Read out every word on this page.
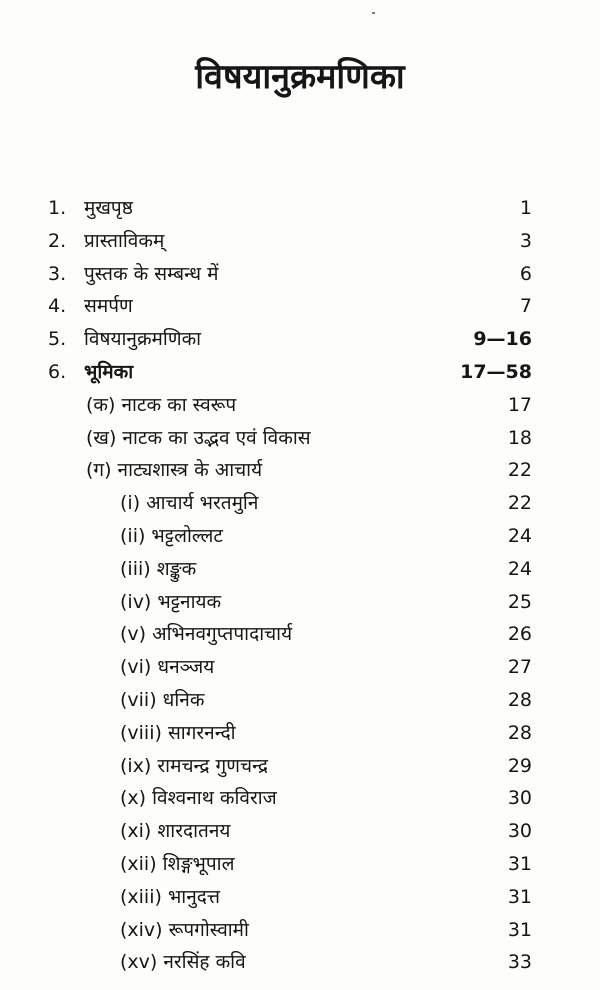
विषयानुक्रमणिका
1. मुखपृष्ठ	1
2. प्रास्ताविकम्	3
3. पुस्तक के सम्बन्ध में	6
4. समर्पण	7
5. विषयानुक्रमणिका	9—16
6. भूमिका	17—58
(क) नाटक का स्वरूप	17
(ख) नाटक का उद्भव एवं विकास	18
(ग) नाट्यशास्त्र के आचार्य	22
(i) आचार्य भरतमुनि	22
(ii) भट्टलोल्लट	24
(iii) शङ्कुक	24
(iv) भट्टनायक	25
(v) अभिनवगुप्तपादाचार्य	26
(vi) धनञ्जय	27
(vii) धनिक	28
(viii) सागरनन्दी	28
(ix) रामचन्द्र गुणचन्द्र	29
(x) विश्वनाथ कविराज	30
(xi) शारदातनय	30
(xii) शिङ्गभूपाल	31
(xiii) भानुदत्त	31
(xiv) रूपगोस्वामी	31
(xv) नरसिंह कवि	33
